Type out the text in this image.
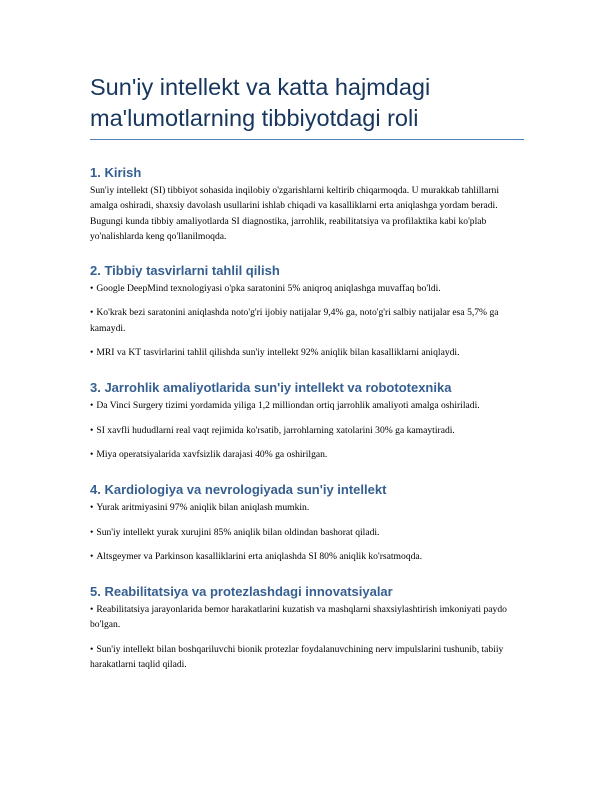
Sun'iy intellekt va katta hajmdagi ma'lumotlarning tibbiyotdagi roli
1. Kirish

Sun'iy intellekt (SI) tibbiyot sohasida inqilobiy o'zgarishlarni keltirib chiqarmoqda. U murakkab tahlillarni amalga oshiradi, shaxsiy davolash usullarini ishlab chiqadi va kasalliklarni erta aniqlashga yordam beradi. Bugungi kunda tibbiy amaliyotlarda SI diagnostika, jarrohlik, reabilitatsiya va profilaktika kabi ko'plab yo'nalishlarda keng qo'llanilmoqda.

2. Tibbiy tasvirlarni tahlil qilish

• Google DeepMind texnologiyasi o'pka saratonini 5% aniqroq aniqlashga muvaffaq bo'ldi.

• Ko'krak bezi saratonini aniqlashda noto'g'ri ijobiy natijalar 9,4% ga, noto'g'ri salbiy natijalar esa 5,7% ga kamaydi.

• MRI va KT tasvirlarini tahlil qilishda sun'iy intellekt 92% aniqlik bilan kasalliklarni aniqlaydi.

3. Jarrohlik amaliyotlarida sun'iy intellekt va robototexnika

• Da Vinci Surgery tizimi yordamida yiliga 1,2 milliondan ortiq jarrohlik amaliyoti amalga oshiriladi.

• SI xavfli hududlarni real vaqt rejimida ko'rsatib, jarrohlarning xatolarini 30% ga kamaytiradi.

• Miya operatsiyalarida xavfsizlik darajasi 40% ga oshirilgan.

4. Kardiologiya va nevrologiyada sun'iy intellekt

• Yurak aritmiyasini 97% aniqlik bilan aniqlash mumkin.

• Sun'iy intellekt yurak xurujini 85% aniqlik bilan oldindan bashorat qiladi.

• Altsgeymer va Parkinson kasalliklarini erta aniqlashda SI 80% aniqlik ko'rsatmoqda.

5. Reabilitatsiya va protezlashdagi innovatsiyalar

• Reabilitatsiya jarayonlarida bemor harakatlarini kuzatish va mashqlarni shaxsiylashtirish imkoniyati paydo bo'lgan.

• Sun'iy intellekt bilan boshqariluvchi bionik protezlar foydalanuvchining nerv impulslarini tushunib, tabiiy harakatlarni taqlid qiladi.
